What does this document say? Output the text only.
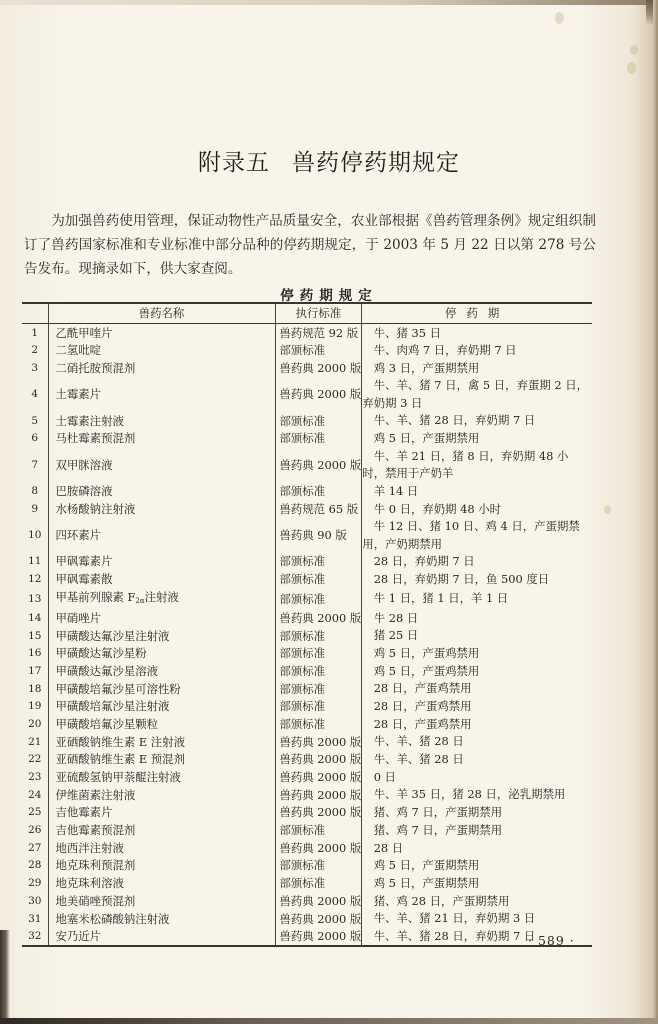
附录五 兽药停药期规定

为加强兽药使用管理，保证动物性产品质量安全，农业部根据《兽药管理条例》规定组织制订了兽药国家标准和专业标准中部分品种的停药期规定，于 2003 年 5 月 22 日以第 278 号公告发布。现摘录如下，供大家查阅。

停药期规定
	兽药名称	执行标准	停药期
1	乙酰甲喹片	兽药规范 92 版	牛、猪 35 日

2	二氢吡啶	部颁标准	牛、肉鸡 7 日，弃奶期 7 日

3	二硝托胺预混剂	兽药典 2000 版	鸡 3 日，产蛋期禁用

4	土霉素片	兽药典 2000 版	牛、羊、猪 7 日，禽 5 日，弃蛋期 2 日，弃奶期 3 日

5	土霉素注射液	部颁标准	牛、羊、猪 28 日，弃奶期 7 日

6	马杜霉素预混剂	部颁标准	鸡 5 日，产蛋期禁用

7	双甲脒溶液	兽药典 2000 版	牛、羊 21 日，猪 8 日，弃奶期 48 小时，禁用于产奶羊

8	巴胺磷溶液	部颁标准	羊 14 日

9	水杨酸钠注射液	兽药规范 65 版	牛 0 日，弃奶期 48 小时

10	四环素片	兽药典 90 版	牛 12 日、猪 10 日、鸡 4 日，产蛋期禁用，产奶期禁用

11	甲砜霉素片	部颁标准	28 日，弃奶期 7 日

12	甲砜霉素散	部颁标准	28 日，弃奶期 7 日，鱼 500 度日

13	甲基前列腺素 $F_{2\alpha}$注射液	部颁标准	牛 1 日，猪 1 日，羊 1 日

14	甲硝唑片	兽药典 2000 版	牛 28 日

15	甲磺酸达氟沙星注射液	部颁标准	猪 25 日

16	甲磺酸达氟沙星粉	部颁标准	鸡 5 日，产蛋鸡禁用

17	甲磺酸达氟沙星溶液	部颁标准	鸡 5 日，产蛋鸡禁用

18	甲磺酸培氟沙星可溶性粉	部颁标准	28 日，产蛋鸡禁用

19	甲磺酸培氟沙星注射液	部颁标准	28 日，产蛋鸡禁用

20	甲磺酸培氟沙星颗粒	部颁标准	28 日，产蛋鸡禁用

21	亚硒酸钠维生素 E 注射液	兽药典 2000 版	牛、羊、猪 28 日

22	亚硒酸钠维生素 E 预混剂	兽药典 2000 版	牛、羊、猪 28 日

23	亚硫酸氢钠甲萘醌注射液	兽药典 2000 版	0 日

24	伊维菌素注射液	兽药典 2000 版	牛、羊 35 日，猪 28 日，泌乳期禁用

25	吉他霉素片	兽药典 2000 版	猪、鸡 7 日，产蛋期禁用

26	吉他霉素预混剂	部颁标准	猪、鸡 7 日，产蛋期禁用

27	地西泮注射液	兽药典 2000 版	28 日

28	地克珠利预混剂	部颁标准	鸡 5 日，产蛋期禁用

29	地克珠利溶液	部颁标准	鸡 5 日，产蛋期禁用

30	地美硝唑预混剂	兽药典 2000 版	猪、鸡 28 日，产蛋期禁用

31	地塞米松磷酸钠注射液	兽药典 2000 版	牛、羊、猪 21 日，弃奶期 3 日

32	安乃近片	兽药典 2000 版	牛、羊、猪 28 日，弃奶期 7 日
· 589 ·
